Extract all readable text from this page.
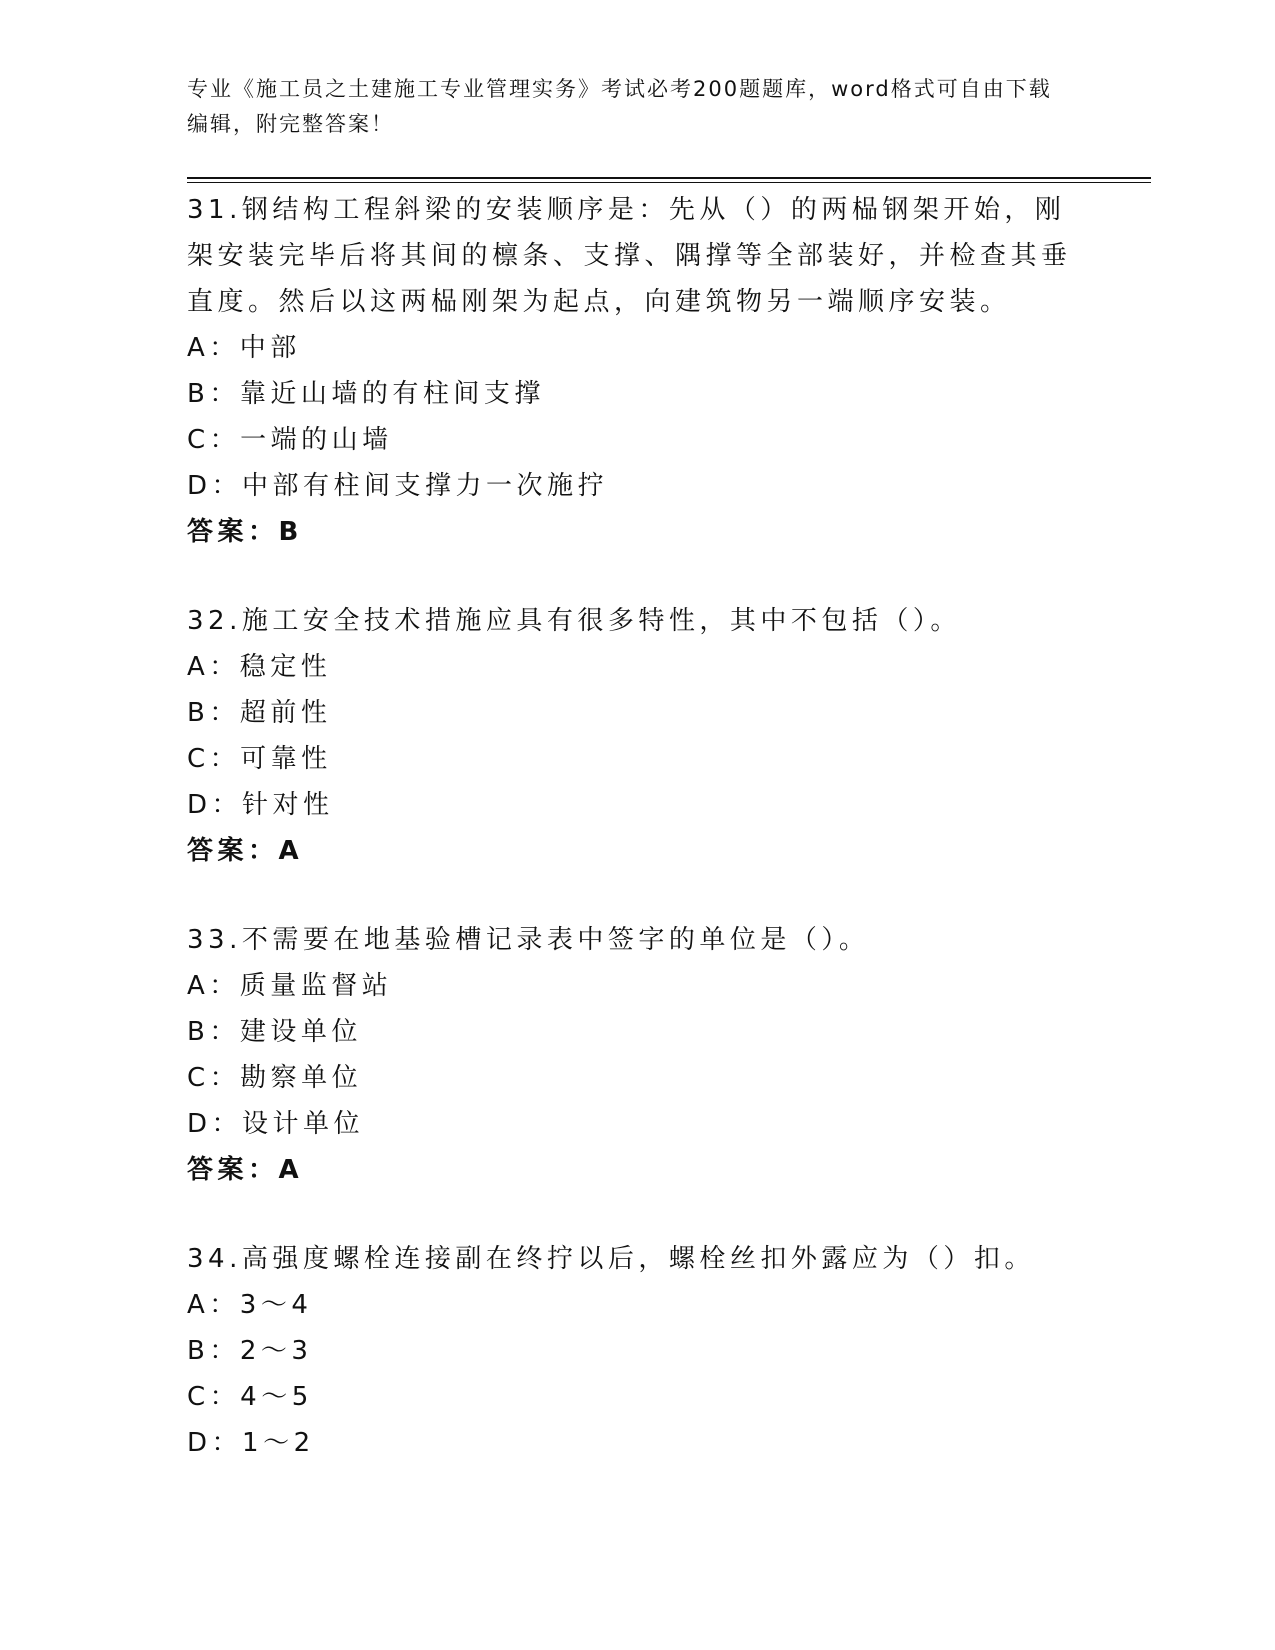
专业《施工员之土建施工专业管理实务》考试必考200题题库，word格式可自由下载编辑，附完整答案！

31.钢结构工程斜梁的安装顺序是：先从（）的两榀钢架开始，刚架安装完毕后将其间的檩条、支撑、隅撑等全部装好，并检查其垂直度。然后以这两榀刚架为起点，向建筑物另一端顺序安装。

A：中部

B：靠近山墙的有柱间支撑

C：一端的山墙

D：中部有柱间支撑力一次施拧

答案：B

32.施工安全技术措施应具有很多特性，其中不包括（）。

A：稳定性

B：超前性

C：可靠性

D：针对性

答案：A

33.不需要在地基验槽记录表中签字的单位是（）。

A：质量监督站

B：建设单位

C：勘察单位

D：设计单位

答案：A

34.高强度螺栓连接副在终拧以后，螺栓丝扣外露应为（）扣。

A：3～4

B：2～3

C：4～5

D：1～2
